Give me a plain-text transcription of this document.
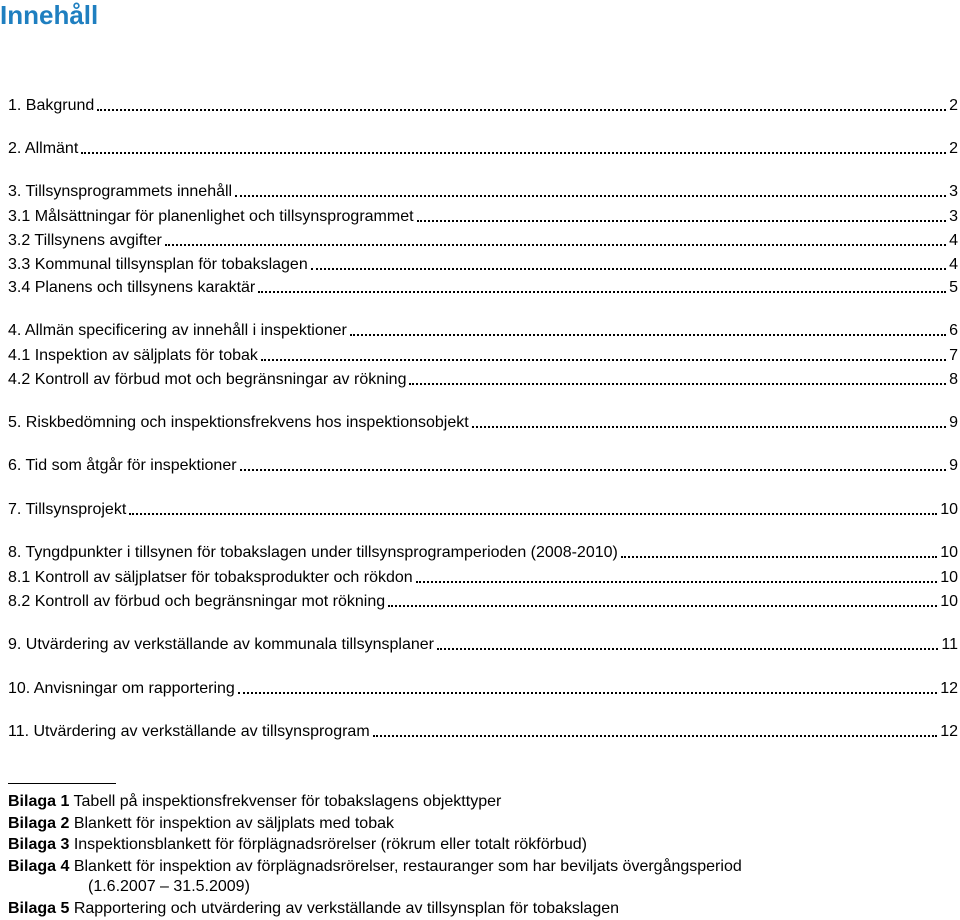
Innehåll
1. Bakgrund	2
2. Allmänt	2
3. Tillsynsprogrammets innehåll	3
3.1 Målsättningar för planenlighet och tillsynsprogrammet	3
3.2 Tillsynens avgifter	4
3.3 Kommunal tillsynsplan för tobakslagen	4
3.4 Planens och tillsynens karaktär	5
4. Allmän specificering av innehåll i inspektioner	6
4.1 Inspektion av säljplats för tobak	7
4.2 Kontroll av förbud mot och begränsningar av rökning	8
5. Riskbedömning och inspektionsfrekvens hos inspektionsobjekt	9
6. Tid som åtgår för inspektioner	9
7. Tillsynsprojekt	10
8. Tyngdpunkter i tillsynen för tobakslagen under tillsynsprogramperioden (2008-2010)	10
8.1 Kontroll av säljplatser för tobaksprodukter och rökdon	10
8.2 Kontroll av förbud och begränsningar mot rökning	10
9. Utvärdering av verkställande av kommunala tillsynsplaner	11
10. Anvisningar om rapportering	12
11. Utvärdering av verkställande av tillsynsprogram	12
Bilaga 1 Tabell på inspektionsfrekvenser för tobakslagens objekttyper
Bilaga 2 Blankett för inspektion av säljplats med tobak
Bilaga 3 Inspektionsblankett för förplägnadsrörelser (rökrum eller totalt rökförbud)
Bilaga 4 Blankett för inspektion av förplägnadsrörelser, restauranger som har beviljats övergångsperiod
(1.6.2007 – 31.5.2009)
Bilaga 5 Rapportering och utvärdering av verkställande av tillsynsplan för tobakslagen
